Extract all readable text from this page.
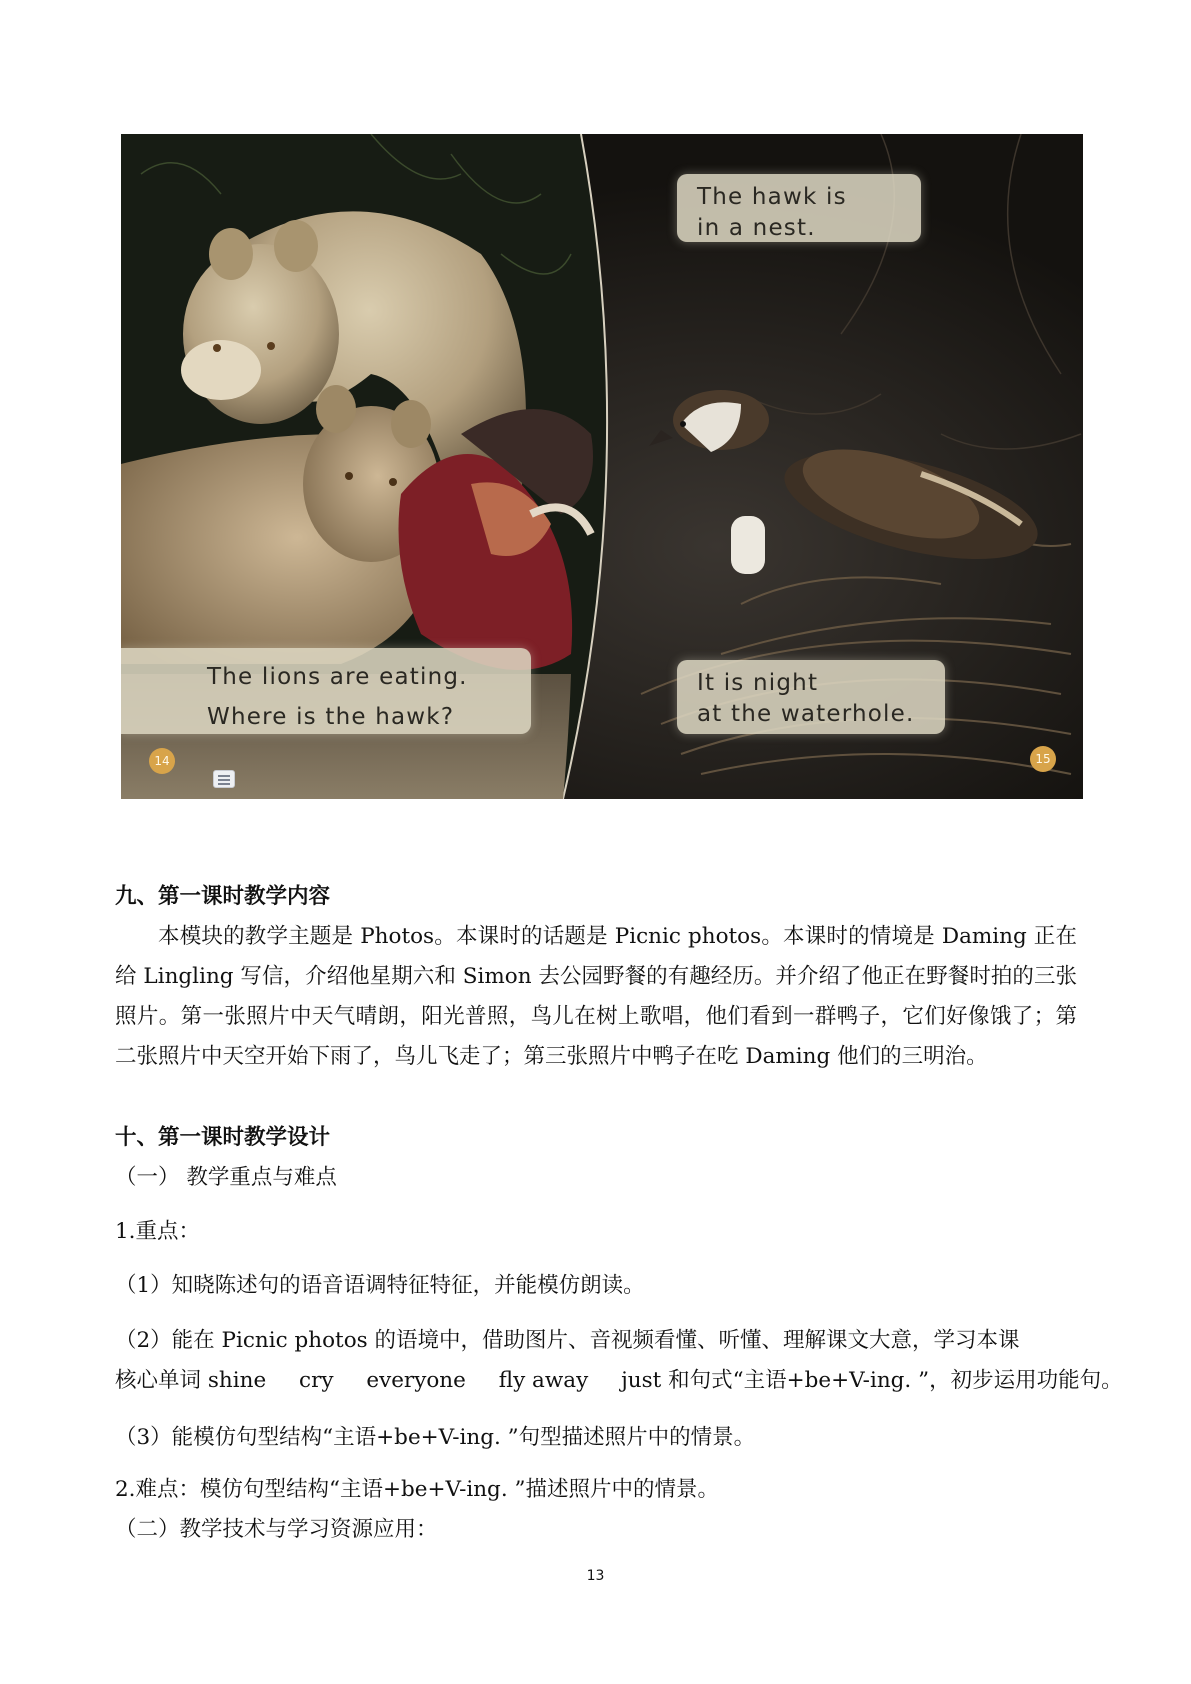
The hawk is
in a nest.
The lions are eating.
Where is the hawk?
It is night
at the waterhole.
14	15
九、第一课时教学内容
本模块的教学主题是 Photos。本课时的话题是 Picnic photos。本课时的情境是 Daming 正在给 Lingling 写信，介绍他星期六和 Simon 去公园野餐的有趣经历。并介绍了他正在野餐时拍的三张照片。第一张照片中天气晴朗，阳光普照，鸟儿在树上歌唱，他们看到一群鸭子，它们好像饿了；第二张照片中天空开始下雨了，鸟儿飞走了；第三张照片中鸭子在吃 Daming 他们的三明治。
十、第一课时教学设计
（一） 教学重点与难点
1.重点：
（1）知晓陈述句的语音语调特征特征，并能模仿朗读。
（2）能在 Picnic photos 的语境中，借助图片、音视频看懂、听懂、理解课文大意，学习本课
核心单词 shine cry everyone fly away just 和句式“主语+be+V-ing. ”，初步运用功能句。
（3）能模仿句型结构“主语+be+V-ing. ”句型描述照片中的情景。
2.难点：模仿句型结构“主语+be+V-ing. ”描述照片中的情景。
（二）教学技术与学习资源应用：
13
